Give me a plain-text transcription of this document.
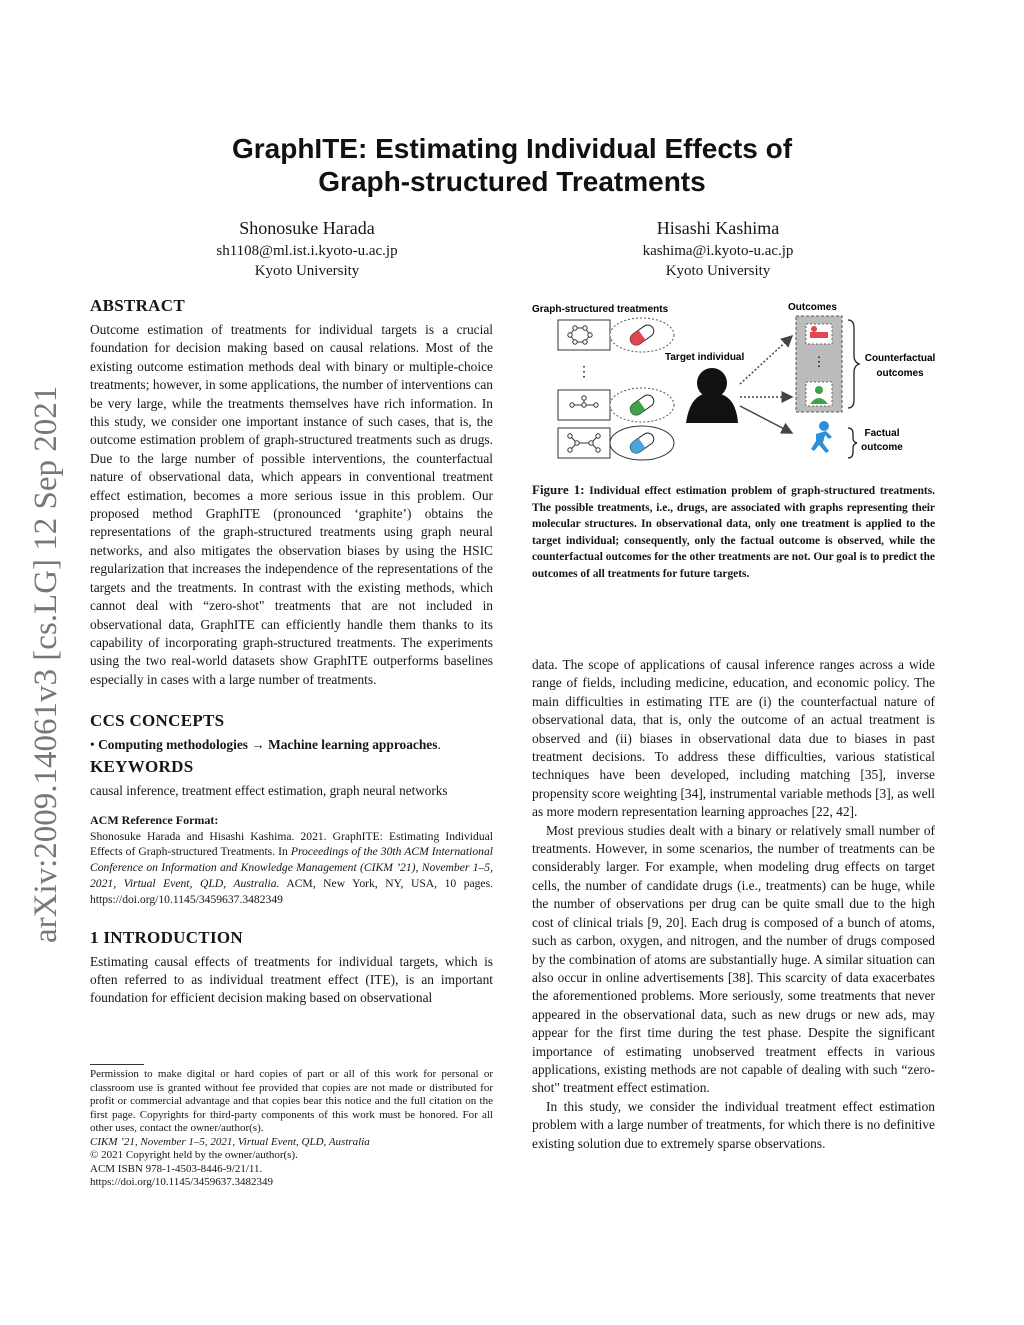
arXiv:2009.14061v3 [cs.LG] 12 Sep 2021
GraphITE: Estimating Individual Effects of
Graph-structured Treatments
Shonosuke Harada
sh1108@ml.ist.i.kyoto-u.ac.jp
Kyoto University
Hisashi Kashima
kashima@i.kyoto-u.ac.jp
Kyoto University
ABSTRACT

Outcome estimation of treatments for individual targets is a crucial foundation for decision making based on causal relations. Most of the existing outcome estimation methods deal with binary or multiple-choice treatments; however, in some applications, the number of interventions can be very large, while the treatments themselves have rich information. In this study, we consider one important instance of such cases, that is, the outcome estimation problem of graph-structured treatments such as drugs. Due to the large number of possible interventions, the counterfactual nature of observational data, which appears in conventional treatment effect estimation, becomes a more serious issue in this problem. Our proposed method GraphITE (pronounced ‘graphite’) obtains the representations of the graph-structured treatments using graph neural networks, and also mitigates the observation biases by using the HSIC regularization that increases the independence of the representations of the targets and the treatments. In contrast with the existing methods, which cannot deal with “zero-shot" treatments that are not included in observational data, GraphITE can efficiently handle them thanks to its capability of incorporating graph-structured treatments. The experiments using the two real-world datasets show GraphITE outperforms baselines especially in cases with a large number of treatments.

CCS CONCEPTS

• Computing methodologies → Machine learning approaches.

KEYWORDS

causal inference, treatment effect estimation, graph neural networks

ACM Reference Format:

Shonosuke Harada and Hisashi Kashima. 2021. GraphITE: Estimating Individual Effects of Graph-structured Treatments. In Proceedings of the 30th ACM International Conference on Information and Knowledge Management (CIKM ’21), November 1–5, 2021, Virtual Event, QLD, Australia. ACM, New York, NY, USA, 10 pages. https://doi.org/10.1145/3459637.3482349

1 INTRODUCTION

Estimating causal effects of treatments for individual targets, which is often referred to as individual treatment effect (ITE), is an important foundation for efficient decision making based on observational

Permission to make digital or hard copies of part or all of this work for personal or classroom use is granted without fee provided that copies are not made or distributed for profit or commercial advantage and that copies bear this notice and the full citation on the first page. Copyrights for third-party components of this work must be honored. For all other uses, contact the owner/author(s).

CIKM ’21, November 1–5, 2021, Virtual Event, QLD, Australia

© 2021 Copyright held by the owner/author(s).

ACM ISBN 978-1-4503-8446-9/21/11.

https://doi.org/10.1145/3459637.3482349

Graph-structured treatments	Outcomes
⋮
Target individual	⋮	Counterfactual
outcomes
Factual
outcome

Figure 1: Individual effect estimation problem of graph-structured treatments. The possible treatments, i.e., drugs, are associated with graphs representing their molecular structures. In observational data, only one treatment is applied to the target individual; consequently, only the factual outcome is observed, while the counterfactual outcomes for the other treatments are not. Our goal is to predict the outcomes of all treatments for future targets.

data. The scope of applications of causal inference ranges across a wide range of fields, including medicine, education, and economic policy. The main difficulties in estimating ITE are (i) the counterfactual nature of observational data, that is, only the outcome of an actual treatment is observed and (ii) biases in observational data due to biases in past treatment decisions. To address these difficulties, various statistical techniques have been developed, including matching [35], inverse propensity score weighting [34], instrumental variable methods [3], as well as more modern representation learning approaches [22, 42].

Most previous studies dealt with a binary or relatively small number of treatments. However, in some scenarios, the number of treatments can be considerably larger. For example, when modeling drug effects on target cells, the number of candidate drugs (i.e., treatments) can be huge, while the number of observations per drug can be quite small due to the high cost of clinical trials [9, 20]. Each drug is composed of a bunch of atoms, such as carbon, oxygen, and nitrogen, and the number of drugs composed by the combination of atoms are substantially huge. A similar situation can also occur in online advertisements [38]. This scarcity of data exacerbates the aforementioned problems. More seriously, some treatments that never appeared in the observational data, such as new drugs or new ads, may appear for the first time during the test phase. Despite the significant importance of estimating unobserved treatment effects in various applications, existing methods are not capable of dealing with such “zero-shot" treatment effect estimation.

In this study, we consider the individual treatment effect estimation problem with a large number of treatments, for which there is no definitive existing solution due to extremely sparse observations.
